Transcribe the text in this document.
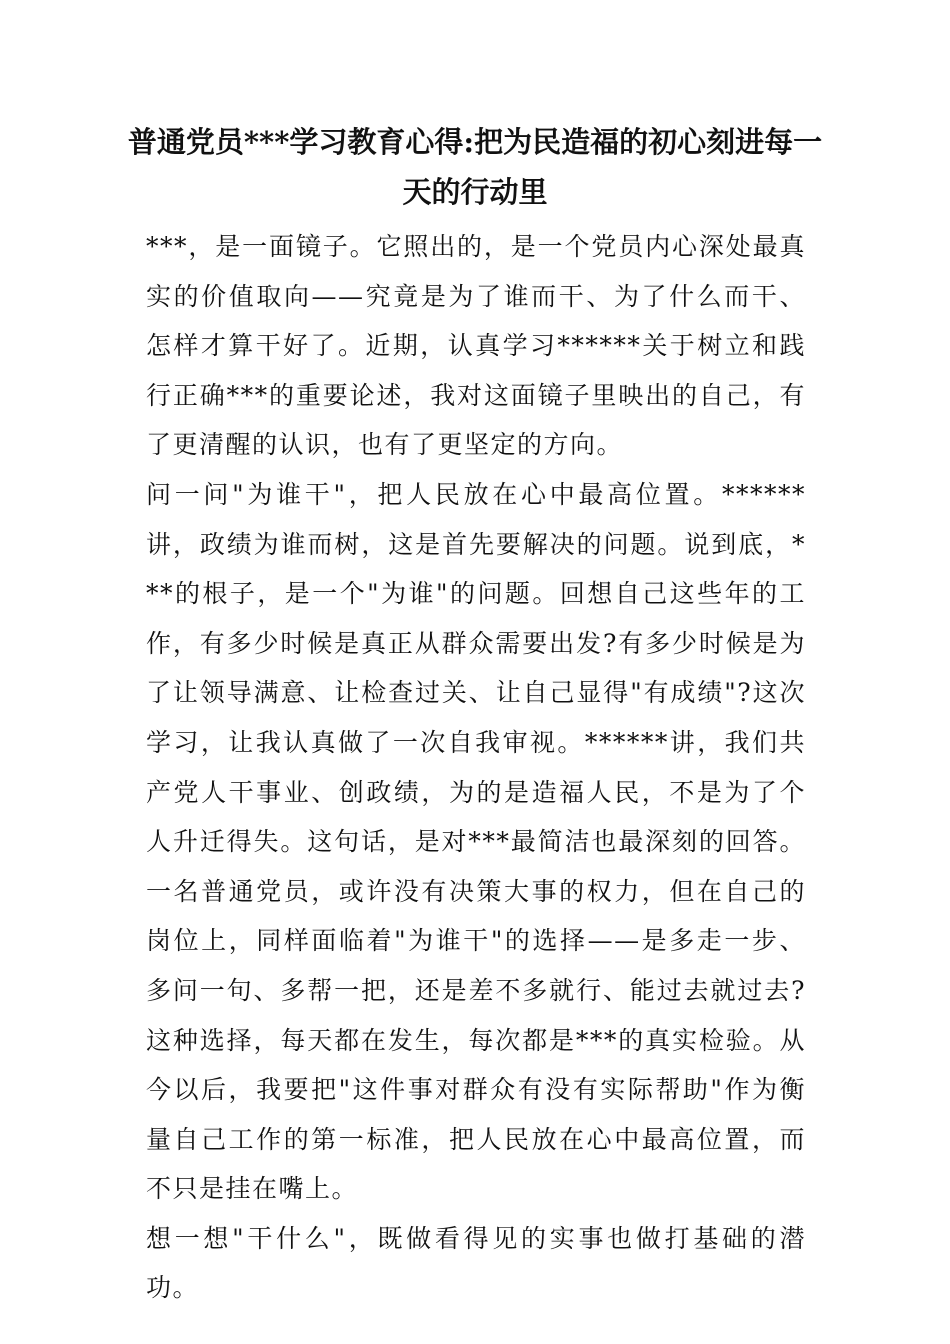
普通党员***学习教育心得:把为民造福的初心刻进每一天的行动里

***，是一面镜子。它照出的，是一个党员内心深处最真实的价值取向——究竟是为了谁而干、为了什么而干、怎样才算干好了。近期，认真学习******关于树立和践行正确***的重要论述，我对这面镜子里映出的自己，有了更清醒的认识，也有了更坚定的方向。

问一问"为谁干"，把人民放在心中最高位置。******讲，政绩为谁而树，这是首先要解决的问题。说到底，***的根子，是一个"为谁"的问题。回想自己这些年的工作，有多少时候是真正从群众需要出发?有多少时候是为了让领导满意、让检查过关、让自己显得"有成绩"?这次学习，让我认真做了一次自我审视。******讲，我们共产党人干事业、创政绩，为的是造福人民，不是为了个人升迁得失。这句话，是对***最简洁也最深刻的回答。一名普通党员，或许没有决策大事的权力，但在自己的岗位上，同样面临着"为谁干"的选择——是多走一步、多问一句、多帮一把，还是差不多就行、能过去就过去?这种选择，每天都在发生，每次都是***的真实检验。从今以后，我要把"这件事对群众有没有实际帮助"作为衡量自己工作的第一标准，把人民放在心中最高位置，而不只是挂在嘴上。

想一想"干什么"，既做看得见的实事也做打基础的潜功。
